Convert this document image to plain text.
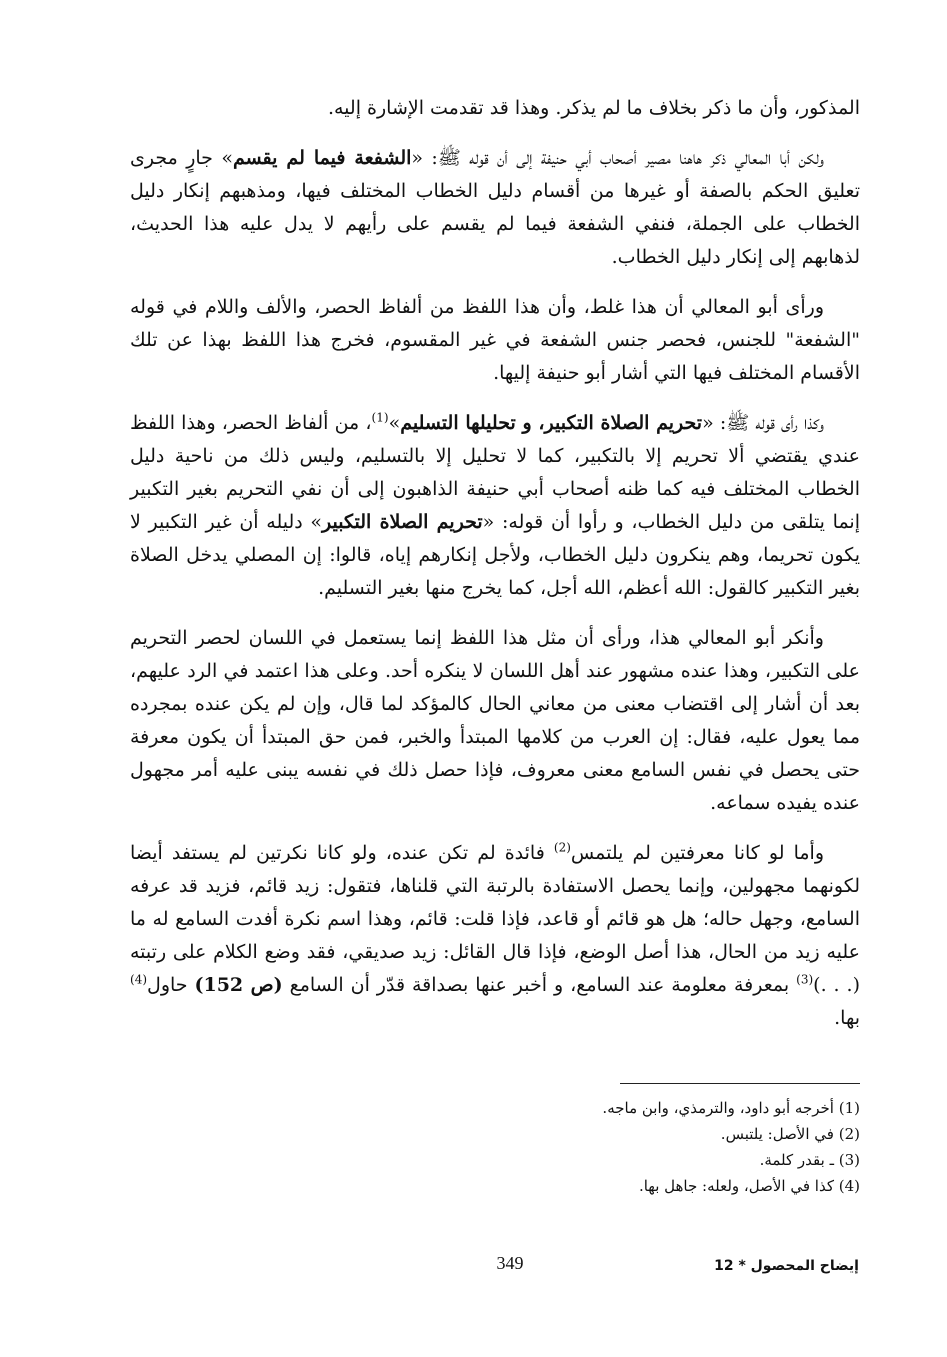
المذكور، وأن ما ذكر بخلاف ما لم يذكر. وهذا قد تقدمت الإشارة إليه.

ولكن أبا المعالي ذكر هاهنا مصير أصحاب أبي حنيفة إلى أن قوله ﷺ: «الشفعة فيما لم يقسم» جارٍ مجرى تعليق الحكم بالصفة أو غيرها من أقسام دليل الخطاب المختلف فيها، ومذهبهم إنكار دليل الخطاب على الجملة، فنفي الشفعة فيما لم يقسم على رأيهم لا يدل عليه هذا الحديث، لذهابهم إلى إنكار دليل الخطاب.

ورأى أبو المعالي أن هذا غلط، وأن هذا اللفظ من ألفاظ الحصر، والألف واللام في قوله "الشفعة" للجنس، فحصر جنس الشفعة في غير المقسوم، فخرج هذا اللفظ بهذا عن تلك الأقسام المختلف فيها التي أشار أبو حنيفة إليها.

وكذا رأى قوله ﷺ: «تحريم الصلاة التكبير، و تحليلها التسليم»$^{(1)}$، من ألفاظ الحصر، وهذا اللفظ عندي يقتضي ألا تحريم إلا بالتكبير، كما لا تحليل إلا بالتسليم، وليس ذلك من ناحية دليل الخطاب المختلف فيه كما ظنه أصحاب أبي حنيفة الذاهبون إلى أن نفي التحريم بغير التكبير إنما يتلقى من دليل الخطاب، و رأوا أن قوله: «تحريم الصلاة التكبير» دليله أن غير التكبير لا يكون تحريما، وهم ينكرون دليل الخطاب، ولأجل إنكارهم إياه، قالوا: إن المصلي يدخل الصلاة بغير التكبير كالقول: الله أعظم، الله أجل، كما يخرج منها بغير التسليم.

وأنكر أبو المعالي هذا، ورأى أن مثل هذا اللفظ إنما يستعمل في اللسان لحصر التحريم على التكبير، وهذا عنده مشهور عند أهل اللسان لا ينكره أحد. وعلى هذا اعتمد في الرد عليهم، بعد أن أشار إلى اقتضاب معنى من معاني الحال كالمؤكد لما قال، وإن لم يكن عنده بمجرده مما يعول عليه، فقال: إن العرب من كلامها المبتدأ والخبر، فمن حق المبتدأ أن يكون معرفة حتى يحصل في نفس السامع معنى معروف، فإذا حصل ذلك في نفسه يبنى عليه أمر مجهول عنده يفيده سماعه.

وأما لو كانا معرفتين لم يلتمس$^{(2)}$ فائدة لم تكن عنده، ولو كانا نكرتين لم يستفد أيضا لكونهما مجهولين، وإنما يحصل الاستفادة بالرتبة التي قلناها، فتقول: زيد قائم، فزيد قد عرفه السامع، وجهل حاله؛ هل هو قائم أو قاعد، فإذا قلت: قائم، وهذا اسم نكرة أفدت السامع له ما عليه زيد من الحال، هذا أصل الوضع، فإذا قال القائل: زيد صديقي، فقد وضع الكلام على رتبته (. . .)$^{(3)}$ بمعرفة معلومة عند السامع، و أخبر عنها بصداقة قدّر أن السامع (ص 152) حاول$^{(4)}$ بها.

(1) أخرجه أبو داود، والترمذي، وابن ماجه.

(2) في الأصل: يلتبس.

(3) ـ بقدر كلمة.

(4) كذا في الأصل، ولعله: جاهل بها.

349	إيضاح المحصول * 12
